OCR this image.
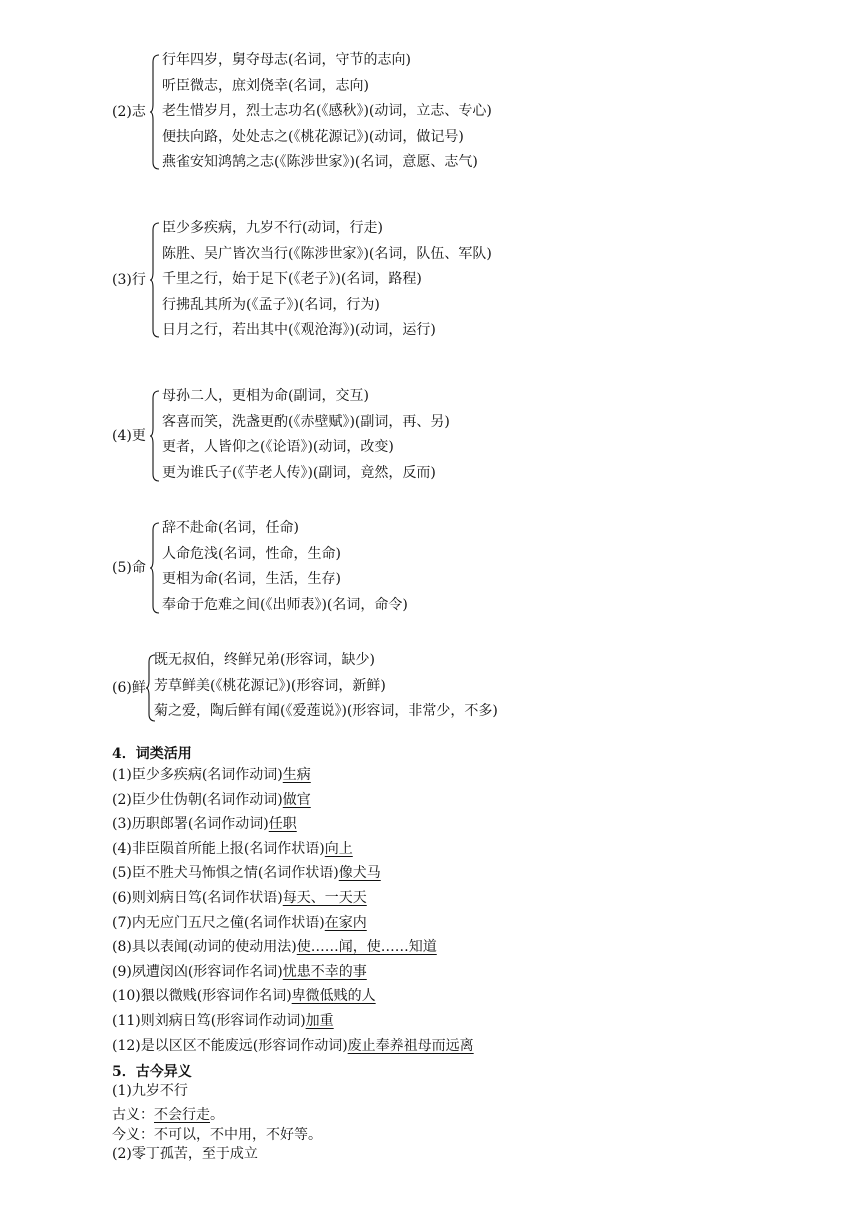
(2)志
行年四岁，舅夺母志(名词，守节的志向)
听臣微志，庶刘侥幸(名词，志向)
老生惜岁月，烈士志功名(《感秋》)(动词，立志、专心)
便扶向路，处处志之(《桃花源记》)(动词，做记号)
燕雀安知鸿鹄之志(《陈涉世家》)(名词，意愿、志气)
(3)行
臣少多疾病，九岁不行(动词，行走)
陈胜、吴广皆次当行(《陈涉世家》)(名词，队伍、军队)
千里之行，始于足下(《老子》)(名词，路程)
行拂乱其所为(《孟子》)(名词，行为)
日月之行，若出其中(《观沧海》)(动词，运行)
(4)更
母孙二人，更相为命(副词，交互)
客喜而笑，洗盏更酌(《赤壁赋》)(副词，再、另)
更者，人皆仰之(《论语》)(动词，改变)
更为谁氏子(《芋老人传》)(副词，竟然，反而)
(5)命
辞不赴命(名词，任命)
人命危浅(名词，性命，生命)
更相为命(名词，生活，生存)
奉命于危难之间(《出师表》)(名词，命令)
(6)鲜
既无叔伯，终鲜兄弟(形容词，缺少)
芳草鲜美(《桃花源记》)(形容词，新鲜)
菊之爱，陶后鲜有闻(《爱莲说》)(形容词，非常少，不多)
4．词类活用
(1)臣少多疾病(名词作动词)生病
(2)臣少仕伪朝(名词作动词)做官
(3)历职郎署(名词作动词)任职
(4)非臣陨首所能上报(名词作状语)向上
(5)臣不胜犬马怖惧之情(名词作状语)像犬马
(6)则刘病日笃(名词作状语)每天、一天天
(7)内无应门五尺之僮(名词作状语)在家内
(8)具以表闻(动词的使动用法)使……闻，使……知道
(9)夙遭闵凶(形容词作名词)忧患不幸的事
(10)猥以微贱(形容词作名词)卑微低贱的人
(11)则刘病日笃(形容词作动词)加重
(12)是以区区不能废远(形容词作动词)废止奉养祖母而远离
5．古今异义
(1)九岁不行
古义：不会行走。
今义：不可以，不中用，不好等。
(2)零丁孤苦，至于成立
